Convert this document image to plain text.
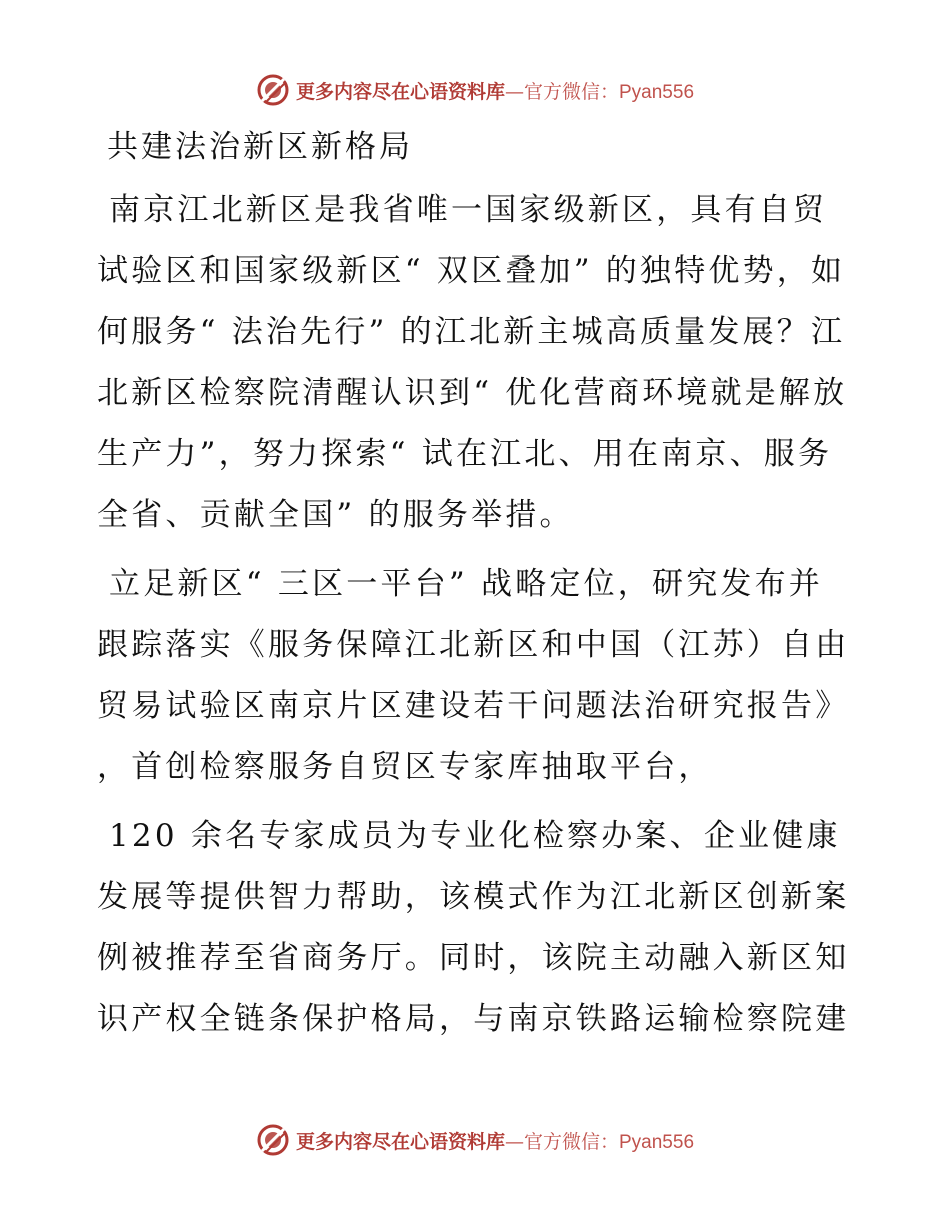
更多内容尽在心语资料库—官方微信：Pyan556
共建法治新区新格局

南京江北新区是我省唯一国家级新区，具有自贸试验区和国家级新区“ 双区叠加” 的独特优势，如何服务“ 法治先行” 的江北新主城高质量发展？江北新区检察院清醒认识到“ 优化营商环境就是解放生产力”，努力探索“ 试在江北、用在南京、服务全省、贡献全国” 的服务举措。

立足新区“ 三区一平台” 战略定位，研究发布并跟踪落实《服务保障江北新区和中国（江苏）自由贸易试验区南京片区建设若干问题法治研究报告》 ，首创检察服务自贸区专家库抽取平台，

120 余名专家成员为专业化检察办案、企业健康发展等提供智力帮助，该模式作为江北新区创新案例被推荐至省商务厅。同时，该院主动融入新区知识产权全链条保护格局，与南京铁路运输检察院建

更多内容尽在心语资料库—官方微信：Pyan556
